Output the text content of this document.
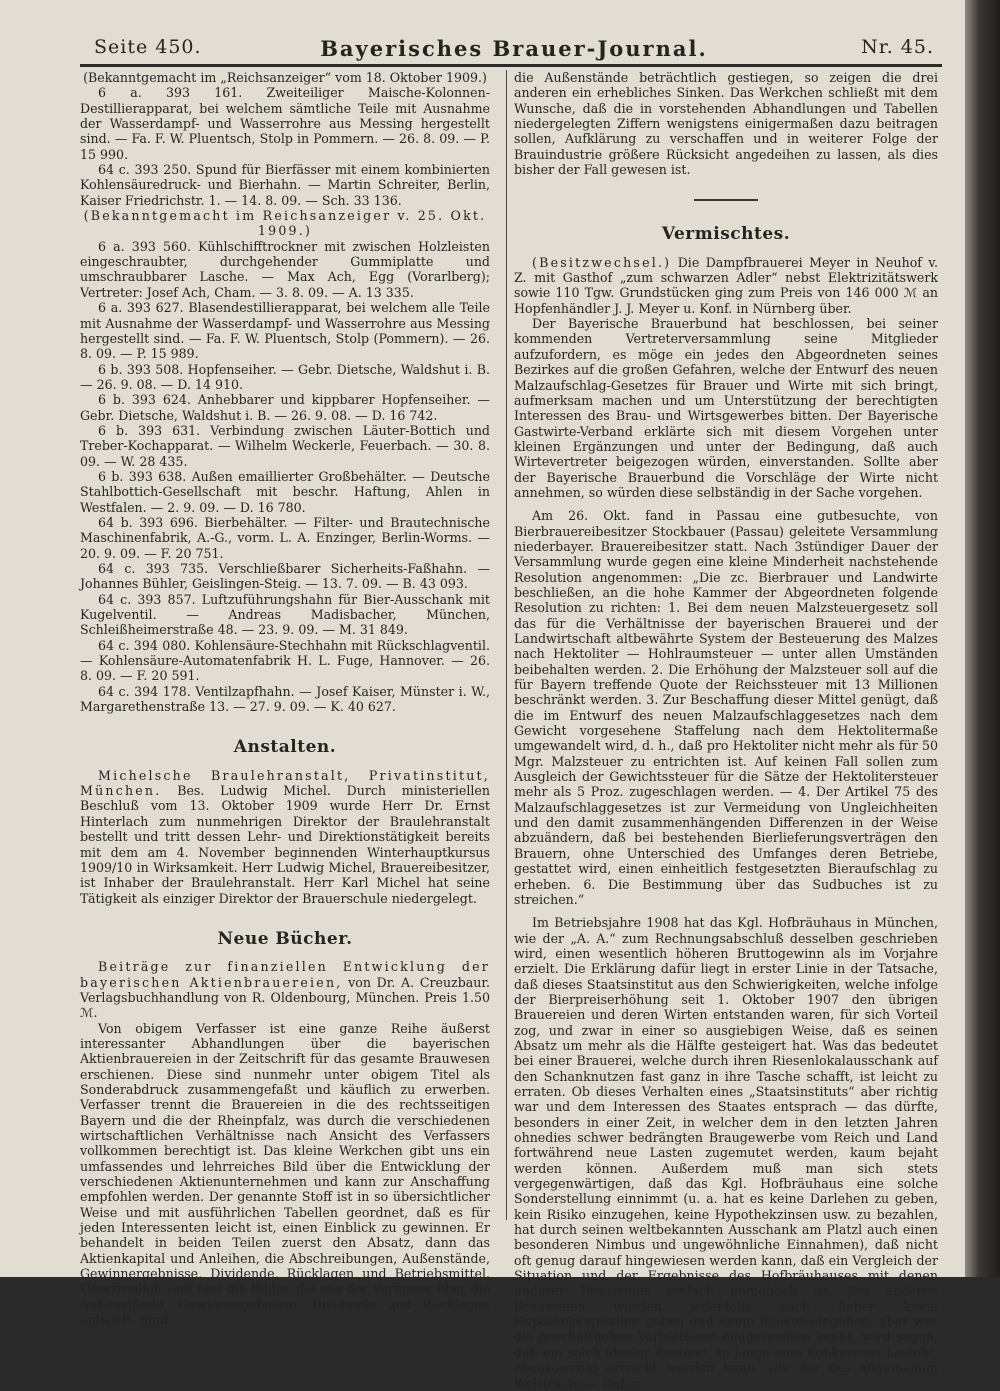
Seite 450.	Bayerisches Brauer-Journal.	Nr. 45.

(Bekanntgemacht im „Reichsanzeiger“ vom 18. Oktober 1909.)

6 a. 393 161. Zweiteiliger Maische-Kolonnen-Destillierapparat, bei welchem sämtliche Teile mit Ausnahme der Wasserdampf- und Wasserrohre aus Messing hergestellt sind. — Fa. F. W. Pluentsch, Stolp in Pommern. — 26. 8. 09. — P. 15 990.

64 c. 393 250. Spund für Bierfässer mit einem kombinierten Kohlensäuredruck- und Bierhahn. — Martin Schreiter, Berlin, Kaiser Friedrichstr. 1. — 14. 8. 09. — Sch. 33 136.

(Bekanntgemacht im Reichsanzeiger v. 25. Okt. 1909.)

6 a. 393 560. Kühlschifftrockner mit zwischen Holzleisten eingeschraubter, durchgehender Gummiplatte und umschraubbarer Lasche. — Max Ach, Egg (Vorarlberg); Vertreter: Josef Ach, Cham. — 3. 8. 09. — A. 13 335.

6 a. 393 627. Blasendestillierapparat, bei welchem alle Teile mit Ausnahme der Wasserdampf- und Wasserrohre aus Messing hergestellt sind. — Fa. F. W. Pluentsch, Stolp (Pommern). — 26. 8. 09. — P. 15 989.

6 b. 393 508. Hopfenseiher. — Gebr. Dietsche, Waldshut i. B. — 26. 9. 08. — D. 14 910.

6 b. 393 624. Anhebbarer und kippbarer Hopfenseiher. — Gebr. Dietsche, Waldshut i. B. — 26. 9. 08. — D. 16 742.

6 b. 393 631. Verbindung zwischen Läuter-Bottich und Treber-Kochapparat. — Wilhelm Weckerle, Feuerbach. — 30. 8. 09. — W. 28 435.

6 b. 393 638. Außen emaillierter Großbehälter. — Deutsche Stahlbottich-Gesellschaft mit beschr. Haftung, Ahlen in Westfalen. — 2. 9. 09. — D. 16 780.

64 b. 393 696. Bierbehälter. — Filter- und Brautechnische Maschinenfabrik, A.-G., vorm. L. A. Enzinger, Berlin-Worms. — 20. 9. 09. — F. 20 751.

64 c. 393 735. Verschließbarer Sicherheits-Faßhahn. — Johannes Bühler, Geislingen-Steig. — 13. 7. 09. — B. 43 093.

64 c. 393 857. Luftzuführungshahn für Bier-Ausschank mit Kugelventil. — Andreas Madisbacher, München, Schleißheimerstraße 48. — 23. 9. 09. — M. 31 849.

64 c. 394 080. Kohlensäure-Stechhahn mit Rückschlagventil. — Kohlensäure-Automatenfabrik H. L. Fuge, Hannover. — 26. 8. 09. — F. 20 591.

64 c. 394 178. Ventilzapfhahn. — Josef Kaiser, Münster i. W., Margarethenstraße 13. — 27. 9. 09. — K. 40 627.

Anstalten.

Michelsche Braulehranstalt, Privatinstitut, München. Bes. Ludwig Michel. Durch ministeriellen Beschluß vom 13. Oktober 1909 wurde Herr Dr. Ernst Hinterlach zum nunmehrigen Direktor der Braulehranstalt bestellt und tritt dessen Lehr- und Direktionstätigkeit bereits mit dem am 4. November beginnenden Winterhauptkursus 1909/10 in Wirksamkeit. Herr Ludwig Michel, Brauereibesitzer, ist Inhaber der Braulehranstalt. Herr Karl Michel hat seine Tätigkeit als einziger Direktor der Brauerschule niedergelegt.

Neue Bücher.

Beiträge zur finanziellen Entwicklung der bayerischen Aktienbrauereien, von Dr. A. Creuzbaur. Verlagsbuchhandlung von R. Oldenbourg, München. Preis 1.50 ℳ.

Von obigem Verfasser ist eine ganze Reihe äußerst interessanter Abhandlungen über die bayerischen Aktienbrauereien in der Zeitschrift für das gesamte Brauwesen erschienen. Diese sind nunmehr unter obigem Titel als Sonderabdruck zusammengefaßt und käuflich zu erwerben. Verfasser trennt die Brauereien in die des rechtsseitigen Bayern und die der Rheinpfalz, was durch die verschiedenen wirtschaftlichen Verhältnisse nach Ansicht des Verfassers vollkommen berechtigt ist. Das kleine Werkchen gibt uns ein umfassendes und lehrreiches Bild über die Entwicklung der verschiedenen Aktienunternehmen und kann zur Anschaffung empfohlen werden. Der genannte Stoff ist in so übersichtlicher Weise und mit ausführlichen Tabellen geordnet, daß es für jeden Interessenten leicht ist, einen Einblick zu gewinnen. Er behandelt in beiden Teilen zuerst den Absatz, dann das Aktienkapital und Anleihen, die Abschreibungen, Außenstände, Gewinnergebnisse, Dividende, Rücklagen und Betriebsmittel. Unerfreulich sind hier die Bilder, die uns der Verfasser über die Außenstände, Gewinnergebnisse, Dividende und Rücklagen entwirft. Sind

die Außenstände beträchtlich gestiegen, so zeigen die drei anderen ein erhebliches Sinken. Das Werkchen schließt mit dem Wunsche, daß die in vorstehenden Abhandlungen und Tabellen niedergelegten Ziffern wenigstens einigermaßen dazu beitragen sollen, Aufklärung zu verschaffen und in weiterer Folge der Brauindustrie größere Rücksicht angedeihen zu lassen, als dies bisher der Fall gewesen ist.

Vermischtes.

(Besitzwechsel.) Die Dampfbrauerei Meyer in Neuhof v. Z. mit Gasthof „zum schwarzen Adler“ nebst Elektrizitätswerk sowie 110 Tgw. Grundstücken ging zum Preis von 146 000 ℳ an Hopfenhändler J. J. Meyer u. Konf. in Nürnberg über.

Der Bayerische Brauerbund hat beschlossen, bei seiner kommenden Vertreterversammlung seine Mitglieder aufzufordern, es möge ein jedes den Abgeordneten seines Bezirkes auf die großen Gefahren, welche der Entwurf des neuen Malzaufschlag-Gesetzes für Brauer und Wirte mit sich bringt, aufmerksam machen und um Unterstützung der berechtigten Interessen des Brau- und Wirtsgewerbes bitten. Der Bayerische Gastwirte-Verband erklärte sich mit diesem Vorgehen unter kleinen Ergänzungen und unter der Bedingung, daß auch Wirtevertreter beigezogen würden, einverstanden. Sollte aber der Bayerische Brauerbund die Vorschläge der Wirte nicht annehmen, so würden diese selbständig in der Sache vorgehen.

Am 26. Okt. fand in Passau eine gutbesuchte, von Bierbrauereibesitzer Stockbauer (Passau) geleitete Versammlung niederbayer. Brauereibesitzer statt. Nach 3stündiger Dauer der Versammlung wurde gegen eine kleine Minderheit nachstehende Resolution angenommen: „Die zc. Bierbrauer und Landwirte beschließen, an die hohe Kammer der Abgeordneten folgende Resolution zu richten: 1. Bei dem neuen Malzsteuergesetz soll das für die Verhältnisse der bayerischen Brauerei und der Landwirtschaft altbewährte System der Besteuerung des Malzes nach Hektoliter — Hohlraumsteuer — unter allen Umständen beibehalten werden. 2. Die Erhöhung der Malzsteuer soll auf die für Bayern treffende Quote der Reichssteuer mit 13 Millionen beschränkt werden. 3. Zur Beschaffung dieser Mittel genügt, daß die im Entwurf des neuen Malzaufschlaggesetzes nach dem Gewicht vorgesehene Staffelung nach dem Hektolitermaße umgewandelt wird, d. h., daß pro Hektoliter nicht mehr als für 50 Mgr. Malzsteuer zu entrichten ist. Auf keinen Fall sollen zum Ausgleich der Gewichtssteuer für die Sätze der Hektolitersteuer mehr als 5 Proz. zugeschlagen werden. — 4. Der Artikel 75 des Malzaufschlaggesetzes ist zur Vermeidung von Ungleichheiten und den damit zusammenhängenden Differenzen in der Weise abzuändern, daß bei bestehenden Bierlieferungsverträgen den Brauern, ohne Unterschied des Umfanges deren Betriebe, gestattet wird, einen einheitlich festgesetzten Bieraufschlag zu erheben. 6. Die Bestimmung über das Sudbuches ist zu streichen.“

Im Betriebsjahre 1908 hat das Kgl. Hofbräuhaus in München, wie der „A. A.“ zum Rechnungsabschluß desselben geschrieben wird, einen wesentlich höheren Bruttogewinn als im Vorjahre erzielt. Die Erklärung dafür liegt in erster Linie in der Tatsache, daß dieses Staatsinstitut aus den Schwierigkeiten, welche infolge der Bierpreiserhöhung seit 1. Oktober 1907 den übrigen Brauereien und deren Wirten entstanden waren, für sich Vorteil zog, und zwar in einer so ausgiebigen Weise, daß es seinen Absatz um mehr als die Hälfte gesteigert hat. Was das bedeutet bei einer Brauerei, welche durch ihren Riesenlokalausschank auf den Schanknutzen fast ganz in ihre Tasche schafft, ist leicht zu erraten. Ob dieses Verhalten eines „Staatsinstituts“ aber richtig war und dem Interessen des Staates entsprach — das dürfte, besonders in einer Zeit, in welcher dem in den letzten Jahren ohnedies schwer bedrängten Braugewerbe vom Reich und Land fortwährend neue Lasten zugemutet werden, kaum bejaht werden können. Außerdem muß man sich stets vergegenwärtigen, daß das Kgl. Hofbräuhaus eine solche Sonderstellung einnimmt (u. a. hat es keine Darlehen zu geben, kein Risiko einzugehen, keine Hypothekzinsen usw. zu bezahlen, hat durch seinen weltbekannten Ausschank am Platzl auch einen besonderen Nimbus und ungewöhnliche Einnahmen), daß nicht oft genug darauf hingewiesen werden kann, daß ein Vergleich der Situation und der Ergebnisse des Hofbräuhauses mit denen anderer Brauereien einfach unmöglich ist. Die anderen Brauereien würden jedenfalls auch lieber keine Hypothekkapitalien geben und keine Risikos eingehen; aber wer die geschäftlichen Verhältnisse einigermaßen kennt, wird sagen, daß ein solch idealer Zustand, so lange eine Konkurrenz besteht, ebensowenig erreicht werden kann, wie der des allgemeinen Weltfriedens. Daher
